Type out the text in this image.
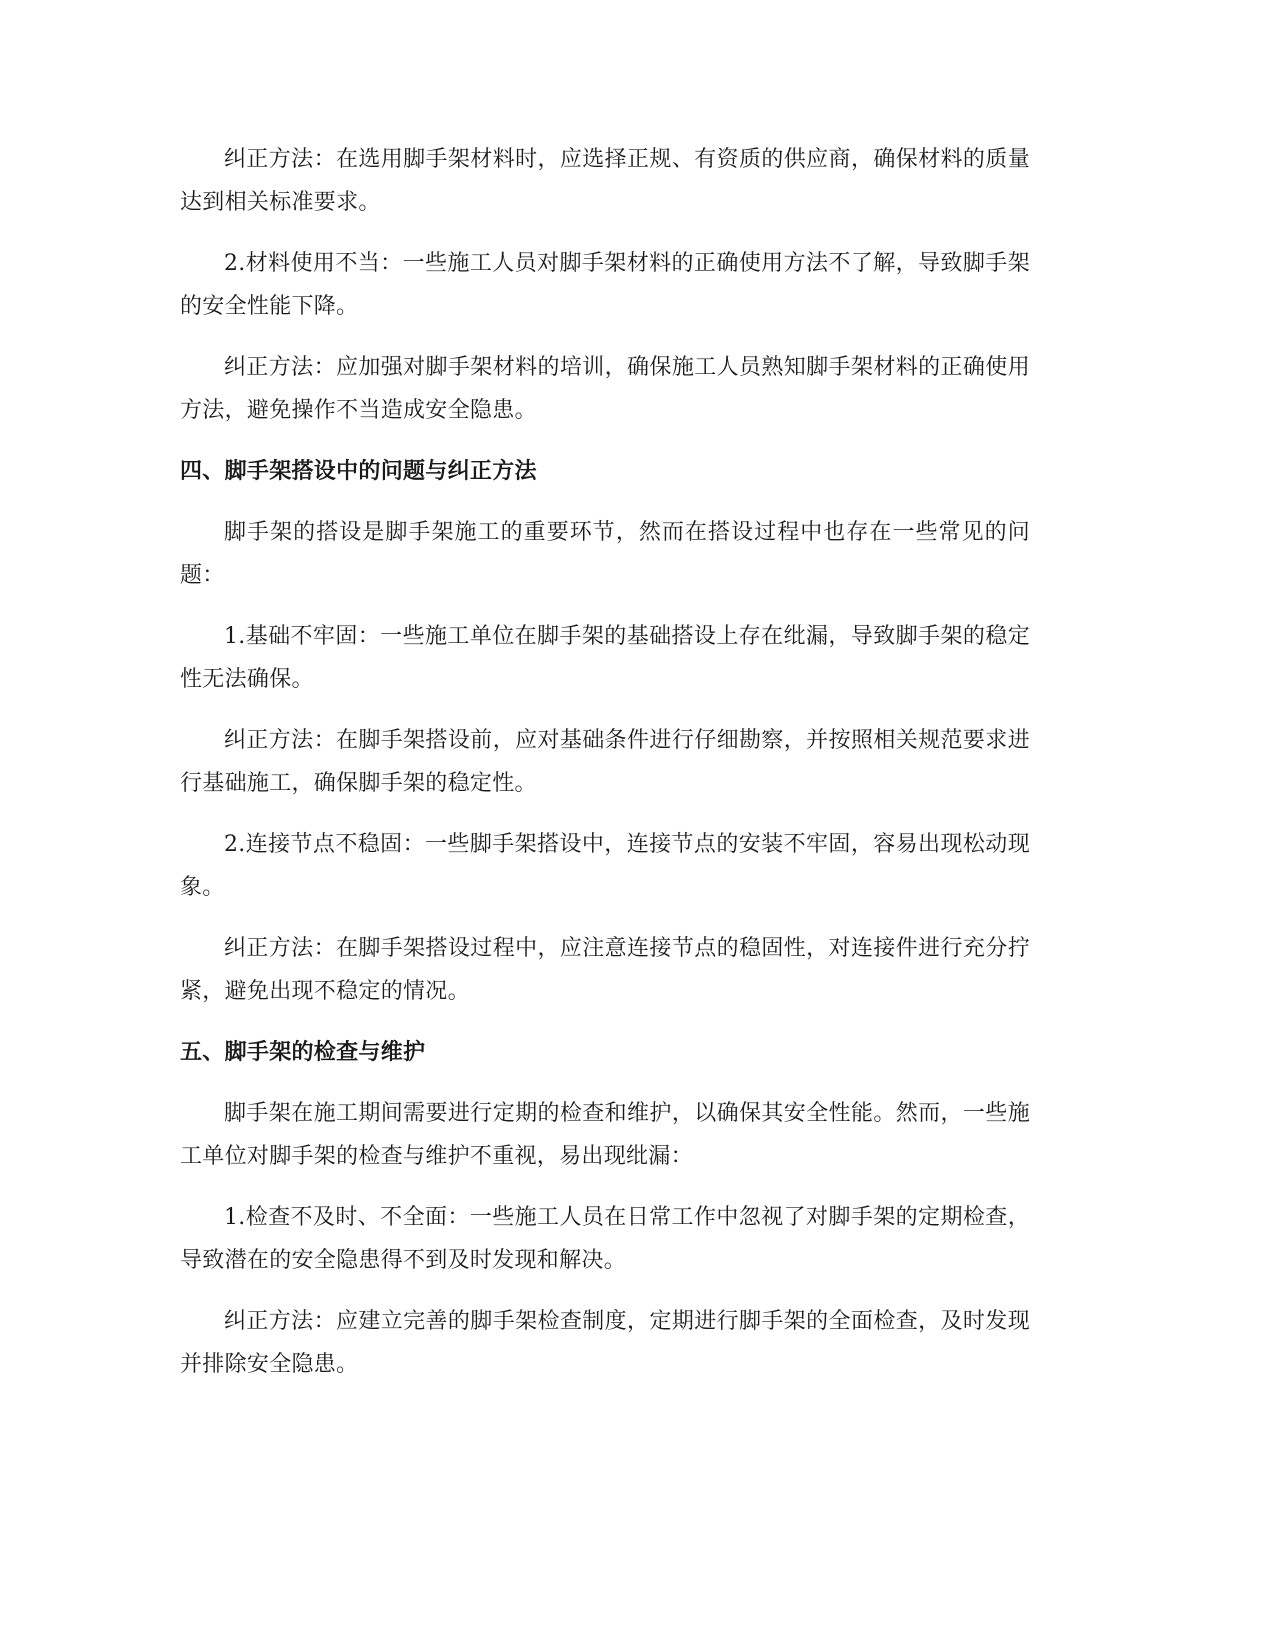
纠正方法：在选用脚手架材料时，应选择正规、有资质的供应商，确保材料的质量达到相关标准要求。

2.材料使用不当：一些施工人员对脚手架材料的正确使用方法不了解，导致脚手架的安全性能下降。

纠正方法：应加强对脚手架材料的培训，确保施工人员熟知脚手架材料的正确使用方法，避免操作不当造成安全隐患。

四、脚手架搭设中的问题与纠正方法

脚手架的搭设是脚手架施工的重要环节，然而在搭设过程中也存在一些常见的问题：

1.基础不牢固：一些施工单位在脚手架的基础搭设上存在纰漏，导致脚手架的稳定性无法确保。

纠正方法：在脚手架搭设前，应对基础条件进行仔细勘察，并按照相关规范要求进行基础施工，确保脚手架的稳定性。

2.连接节点不稳固：一些脚手架搭设中，连接节点的安装不牢固，容易出现松动现象。

纠正方法：在脚手架搭设过程中，应注意连接节点的稳固性，对连接件进行充分拧紧，避免出现不稳定的情况。

五、脚手架的检查与维护

脚手架在施工期间需要进行定期的检查和维护，以确保其安全性能。然而，一些施工单位对脚手架的检查与维护不重视，易出现纰漏：

1.检查不及时、不全面：一些施工人员在日常工作中忽视了对脚手架的定期检查，导致潜在的安全隐患得不到及时发现和解决。

纠正方法：应建立完善的脚手架检查制度，定期进行脚手架的全面检查，及时发现并排除安全隐患。
